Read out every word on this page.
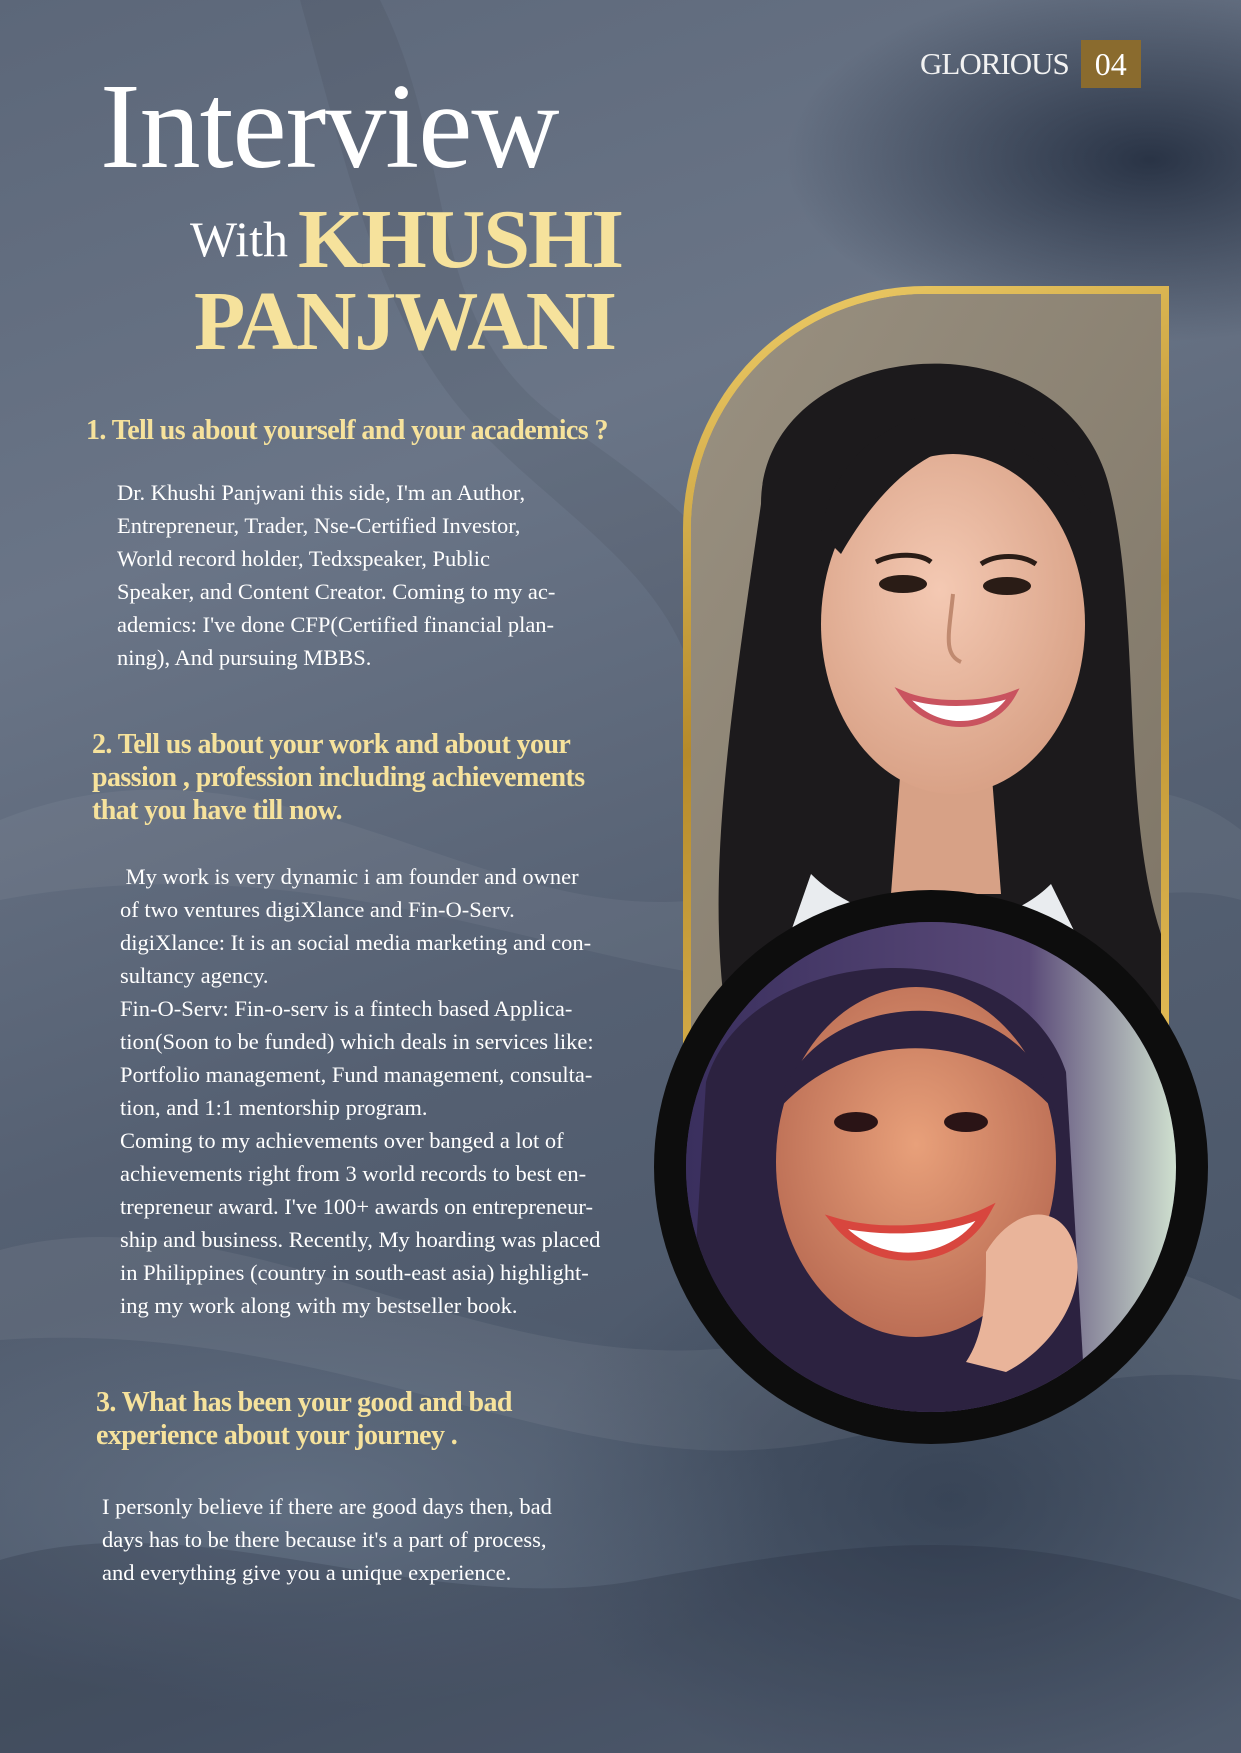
GLORIOUS 04
Interview
With KHUSHI
PANJWANI
1. Tell us about yourself and your academics ?
Dr. Khushi Panjwani this side, I'm an Author,
Entrepreneur, Trader, Nse-Certified Investor,
World record holder, Tedxspeaker, Public
Speaker, and Content Creator. Coming to my ac-
ademics: I've done CFP(Certified financial plan-
ning), And pursuing MBBS.
2. Tell us about your work and about your
passion , profession including achievements
that you have till now.
My work is very dynamic i am founder and owner
of two ventures digiXlance and Fin-O-Serv.
digiXlance: It is an social media marketing and con-
sultancy agency.
Fin-O-Serv: Fin-o-serv is a fintech based Applica-
tion(Soon to be funded) which deals in services like:
Portfolio management, Fund management, consulta-
tion, and 1:1 mentorship program.
Coming to my achievements over banged a lot of
achievements right from 3 world records to best en-
trepreneur award. I've 100+ awards on entrepreneur-
ship and business. Recently, My hoarding was placed
in Philippines (country in south-east asia) highlight-
ing my work along with my bestseller book.
3. What has been your good and bad
experience about your journey .
I personly believe if there are good days then, bad
days has to be there because it's a part of process,
and everything give you a unique experience.
